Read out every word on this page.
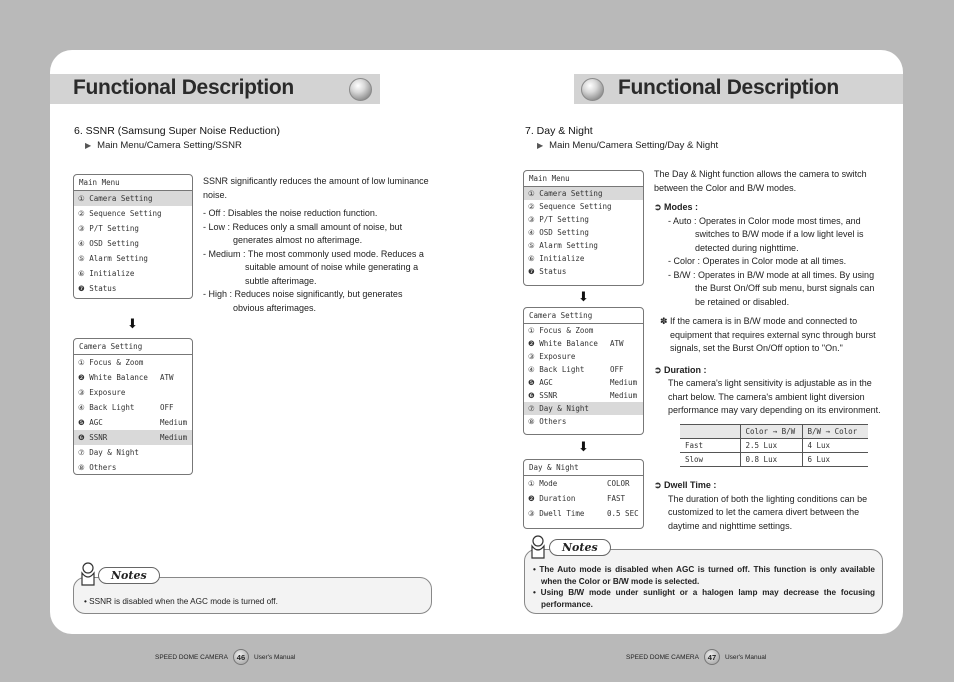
Functional Description	Functional Description
6. SSNR (Samsung Super Noise Reduction)
▶ Main Menu/Camera Setting/SSNR
Main Menu
① Camera Setting
② Sequence Setting
③ P/T Setting
④ OSD Setting
⑤ Alarm Setting
⑥ Initialize
❼ Status
⬇
Camera Setting
① Focus & Zoom
❷ White Balance ATW
③ Exposure
④ Back Light	OFF
❺ AGC	Medium
❻ SSNR	Medium
⑦ Day & Night
⑧ Others

SSNR significantly reduces the amount of low luminance noise.

- Off : Disables the noise reduction function.

- Low : Reduces only a small amount of noise, but generates almost no afterimage.

- Medium : The most commonly used mode. Reduces a suitable amount of noise while generating a subtle afterimage.

- High : Reduces noise significantly, but generates obvious afterimages.

Notes
• SSNR is disabled when the AGC mode is turned off.
SPEED DOME CAMERA	46	User's Manual
7. Day & Night
▶ Main Menu/Camera Setting/Day & Night
Main Menu
① Camera Setting
② Sequence Setting
③ P/T Setting
④ OSD Setting
⑤ Alarm Setting
⑥ Initialize
❼ Status
⬇
Camera Setting
① Focus & Zoom
❷ White Balance ATW
③ Exposure
④ Back Light	OFF
❺ AGC	Medium
❻ SSNR	Medium
⑦ Day & Night
⑧ Others
⬇
Day & Night
① Mode	COLOR
❷ Duration	FAST
③ Dwell Time	0.5 SEC

The Day & Night function allows the camera to switch between the Color and B/W modes.

➲ Modes :

- Auto : Operates in Color mode most times, and switches to B/W mode if a low light level is detected during nighttime.

- Color : Operates in Color mode at all times.

- B/W : Operates in B/W mode at all times. By using the Burst On/Off sub menu, burst signals can be retained or disabled.

✽ If the camera is in B/W mode and connected to equipment that requires external sync through burst signals, set the Burst On/Off option to "On."

➲ Duration :

The camera's light sensitivity is adjustable as in the chart below. The camera's ambient light diversion performance may vary depending on its environment.

	Color → B/W	B/W → Color
Fast	2.5 Lux	4 Lux
Slow	0.8 Lux	6 Lux

➲ Dwell Time :

The duration of both the lighting conditions can be customized to let the camera divert between the daytime and nighttime settings.

Notes
• The Auto mode is disabled when AGC is turned off. This function is only available when the Color or B/W mode is selected.
• Using B/W mode under sunlight or a halogen lamp may decrease the focusing performance.
SPEED DOME CAMERA	47	User's Manual
